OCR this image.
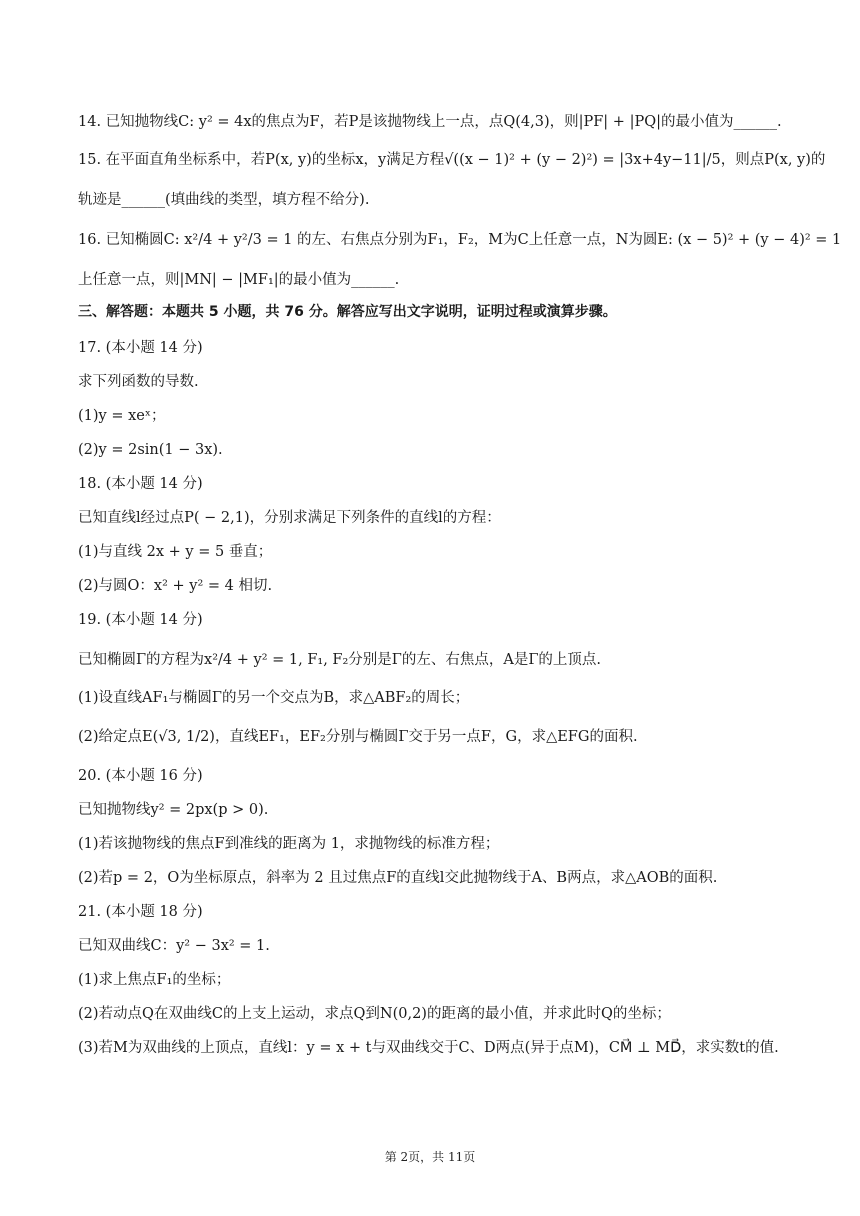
14. 已知抛物线C: y² = 4x的焦点为F，若P是该抛物线上一点，点Q(4,3)，则|PF| + |PQ|的最小值为______.
15. 在平面直角坐标系中，若P(x, y)的坐标x，y满足方程√((x − 1)² + (y − 2)²) = |3x+4y−11|/5，则点P(x, y)的
轨迹是______(填曲线的类型，填方程不给分).
16. 已知椭圆C: x²/4 + y²/3 = 1 的左、右焦点分别为F₁，F₂，M为C上任意一点，N为圆E: (x − 5)² + (y − 4)² = 1
上任意一点，则|MN| − |MF₁|的最小值为______.
三、解答题：本题共 5 小题，共 76 分。解答应写出文字说明，证明过程或演算步骤。
17. (本小题 14 分)
求下列函数的导数.
(1)y = xeˣ；
(2)y = 2sin(1 − 3x).
18. (本小题 14 分)
已知直线l经过点P( − 2,1)，分别求满足下列条件的直线l的方程：
(1)与直线 2x + y = 5 垂直；
(2)与圆O：x² + y² = 4 相切.
19. (本小题 14 分)
已知椭圆Γ的方程为x²/4 + y² = 1, F₁, F₂分别是Γ的左、右焦点，A是Γ的上顶点.
(1)设直线AF₁与椭圆Γ的另一个交点为B，求△ABF₂的周长；
(2)给定点E(√3, 1/2)，直线EF₁，EF₂分别与椭圆Γ交于另一点F，G，求△EFG的面积.
20. (本小题 16 分)
已知抛物线y² = 2px(p > 0).
(1)若该抛物线的焦点F到准线的距离为 1，求抛物线的标准方程；
(2)若p = 2，O为坐标原点，斜率为 2 且过焦点F的直线l交此抛物线于A、B两点，求△AOB的面积.
21. (本小题 18 分)
已知双曲线C：y² − 3x² = 1.
(1)求上焦点F₁的坐标；
(2)若动点Q在双曲线C的上支上运动，求点Q到N(0,2)的距离的最小值，并求此时Q的坐标；
(3)若M为双曲线的上顶点，直线l：y = x + t与双曲线交于C、D两点(异于点M)，CM⃗ ⊥ MD⃗，求实数t的值.
第 2页，共 11页
